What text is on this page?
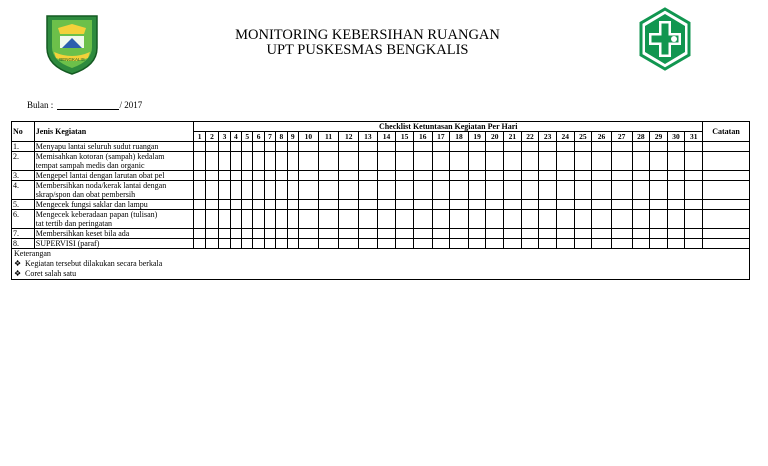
BENGKALIS
MONITORING KEBERSIHAN RUANGAN
UPT PUSKESMAS BENGKALIS
Bulan :	/ 2017
No	Jenis Kegiatan	Checklist Ketuntasan Kegiatan Per Hari																															Catatan
		1	2	3	4	5	6	7	8	9	10	11	12	13	14	15	16	17	18	19	20	21	22	23	24	25	26	27	28	29	30	31	
1.	Menyapu lantai seluruh sudut ruangan																																

2.	Memisahkan kotoran (sampah) kedalam
tempat sampah medis dan organic																																

3.	Mengepel lantai dengan larutan obat pel																																

4.	Membersihkan noda/kerak lantai dengan
skrap/spon dan obat pembersih																																

5.	Mengecek fungsi saklar dan lampu																																

6.	Mengecek keberadaan papan (tulisan)
tat tertib dan peringatan																																

7.	Membersihkan keset bila ada																																

8.	SUPERVISI (paraf)																																

Keterangan
❖ Kegiatan tersebut dilakukan secara berkala
❖ Coret salah satu																																	
